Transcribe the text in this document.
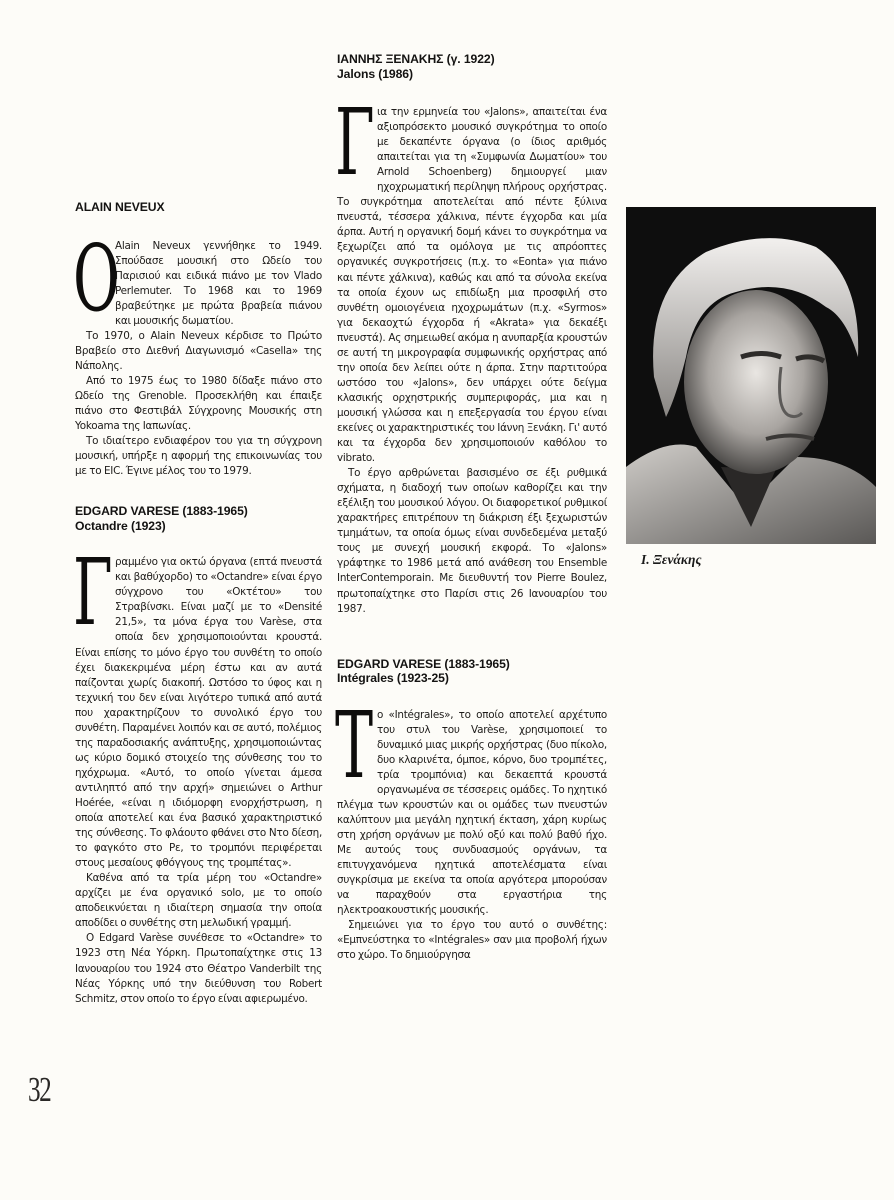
ALAIN NEVEUX
O

Alain Neveux γεννήθηκε το 1949. Σπούδασε μουσική στο Ωδείο του Παρισιού και ειδικά πιάνο με τον Vlado Perlemuter. Το 1968 και το 1969 βραβεύτηκε με πρώτα βραβεία πιάνου και μουσικής δωματίου.

Το 1970, ο Alain Neveux κέρδισε το Πρώτο Βραβείο στο Διεθνή Διαγωνισμό «Casella» της Νάπολης.

Από το 1975 έως το 1980 δίδαξε πιάνο στο Ωδείο της Grenoble. Προσεκλήθη και έπαιξε πιάνο στο Φεστιβάλ Σύγχρονης Μουσικής στη Yokoama της Ιαπωνίας.

Το ιδιαίτερο ενδιαφέρον του για τη σύγχρονη μουσική, υπήρξε η αφορμή της επικοινωνίας του με το EIC. Έγινε μέλος του το 1979.

EDGARD VARESE (1883-1965)
Octandre (1923)
Γ ραμμένο για οκτώ όργανα (επτά πνευστά και βαθύχορδο) το «Octandre» είναι έργο σύγχρονο του «Οκτέτου» του Στραβίνσκι. Είναι μαζί με το «Densité 21,5», τα μόνα έργα του Varèse, στα οποία δεν χρησιμοποιούνται κρουστά. Είναι επίσης το μόνο έργο του συνθέτη το οποίο έχει διακεκριμένα μέρη έστω και αν αυτά παίζονται χωρίς διακοπή. Ωστόσο το ύφος και η τεχνική του δεν είναι λιγότερο τυπικά από αυτά που χαρακτηρίζουν το συνολικό έργο του συνθέτη. Παραμένει λοιπόν και σε αυτό, πολέμιος της παραδοσιακής ανάπτυξης, χρησιμοποιώντας ως κύριο δομικό στοιχείο της σύνθεσης του το ηχόχρωμα. «Αυτό, το οποίο γίνεται άμεσα αντιληπτό από την αρχή» σημειώνει ο Arthur Hoérée, «είναι η ιδιόμορφη ενορχήστρωση, η οποία αποτελεί και ένα βασικό χαρακτηριστικό της σύνθεσης. Το φλάουτο φθάνει στο Ντο δίεση, το φαγκότο στο Ρε, το τρομπόνι περιφέρεται στους μεσαίους φθόγγους της τρομπέτας».

Καθένα από τα τρία μέρη του «Octandre» αρχίζει με ένα οργανικό solo, με το οποίο αποδεικνύεται η ιδιαίτερη σημασία την οποία αποδίδει ο συνθέτης στη μελωδική γραμμή.

Ο Edgard Varèse συνέθεσε το «Octandre» το 1923 στη Νέα Υόρκη. Πρωτοπαίχτηκε στις 13 Ιανουαρίου του 1924 στο Θέατρο Vanderbilt της Νέας Υόρκης υπό την διεύθυνση του Robert Schmitz, στον οποίο το έργο είναι αφιερωμένο.

ΙΑΝΝΗΣ ΞΕΝΑΚΗΣ (γ. 1922)
Jalons (1986)
Γ ια την ερμηνεία του «Jalons», απαιτείται ένα αξιοπρόσεκτο μουσικό συγκρότημα το οποίο με δεκαπέντε όργανα (ο ίδιος αριθμός απαιτείται για τη «Συμφωνία Δωματίου» του Arnold Schoenberg) δημιουργεί μιαν ηχοχρωματική περίληψη πλήρους ορχήστρας. Το συγκρότημα αποτελείται από πέντε ξύλινα πνευστά, τέσσερα χάλκινα, πέντε έγχορδα και μία άρπα. Αυτή η οργανική δομή κάνει το συγκρότημα να ξεχωρίζει από τα ομόλογα με τις απρόοπτες οργανικές συγκροτήσεις (π.χ. το «Eonta» για πιάνο και πέντε χάλκινα), καθώς και από τα σύνολα εκείνα τα οποία έχουν ως επιδίωξη μια προσφιλή στο συνθέτη ομοιογένεια ηχοχρωμάτων (π.χ. «Syrmos» για δεκαοχτώ έγχορδα ή «Akrata» για δεκαέξι πνευστά). Ας σημειωθεί ακόμα η ανυπαρξία κρουστών σε αυτή τη μικρογραφία συμφωνικής ορχήστρας από την οποία δεν λείπει ούτε η άρπα. Στην παρτιτούρα ωστόσο του «Jalons», δεν υπάρχει ούτε δείγμα κλασικής ορχηστρικής συμπεριφοράς, μια και η μουσική γλώσσα και η επεξεργασία του έργου είναι εκείνες οι χαρακτηριστικές του Ιάννη Ξενάκη. Γι' αυτό και τα έγχορδα δεν χρησιμοποιούν καθόλου το vibrato.

Το έργο αρθρώνεται βασισμένο σε έξι ρυθμικά σχήματα, η διαδοχή των οποίων καθορίζει και την εξέλιξη του μουσικού λόγου. Οι διαφορετικοί ρυθμικοί χαρακτήρες επιτρέπουν τη διάκριση έξι ξεχωριστών τμημάτων, τα οποία όμως είναι συνδεδεμένα μεταξύ τους με συνεχή μουσική εκφορά. Το «Jalons» γράφτηκε το 1986 μετά από ανάθεση του Ensemble InterContemporain. Με διευθυντή τον Pierre Boulez, πρωτοπαίχτηκε στο Παρίσι στις 26 Ιανουαρίου του 1987.

EDGARD VARESE (1883-1965)
Intégrales (1923-25)
Τ ο «Intégrales», το οποίο αποτελεί αρχέτυπο του στυλ του Varèse, χρησιμοποιεί το δυναμικό μιας μικρής ορχήστρας (δυο πίκολο, δυο κλαρινέτα, όμποε, κόρνο, δυο τρομπέτες, τρία τρομπόνια) και δεκαεπτά κρουστά οργανωμένα σε τέσσερεις ομάδες. Το ηχητικό πλέγμα των κρουστών και οι ομάδες των πνευστών καλύπτουν μια μεγάλη ηχητική έκταση, χάρη κυρίως στη χρήση οργάνων με πολύ οξύ και πολύ βαθύ ήχο. Με αυτούς τους συνδυασμούς οργάνων, τα επιτυγχανόμενα ηχητικά αποτελέσματα είναι συγκρίσιμα με εκείνα τα οποία αργότερα μπορούσαν να παραχθούν στα εργαστήρια της ηλεκτροακουστικής μουσικής.

Σημειώνει για το έργο του αυτό ο συνθέτης: «Εμπνεύστηκα το «Intégrales» σαν μια προβολή ήχων στο χώρο. Το δημιούργησα

Ι. Ξενάκης
32
